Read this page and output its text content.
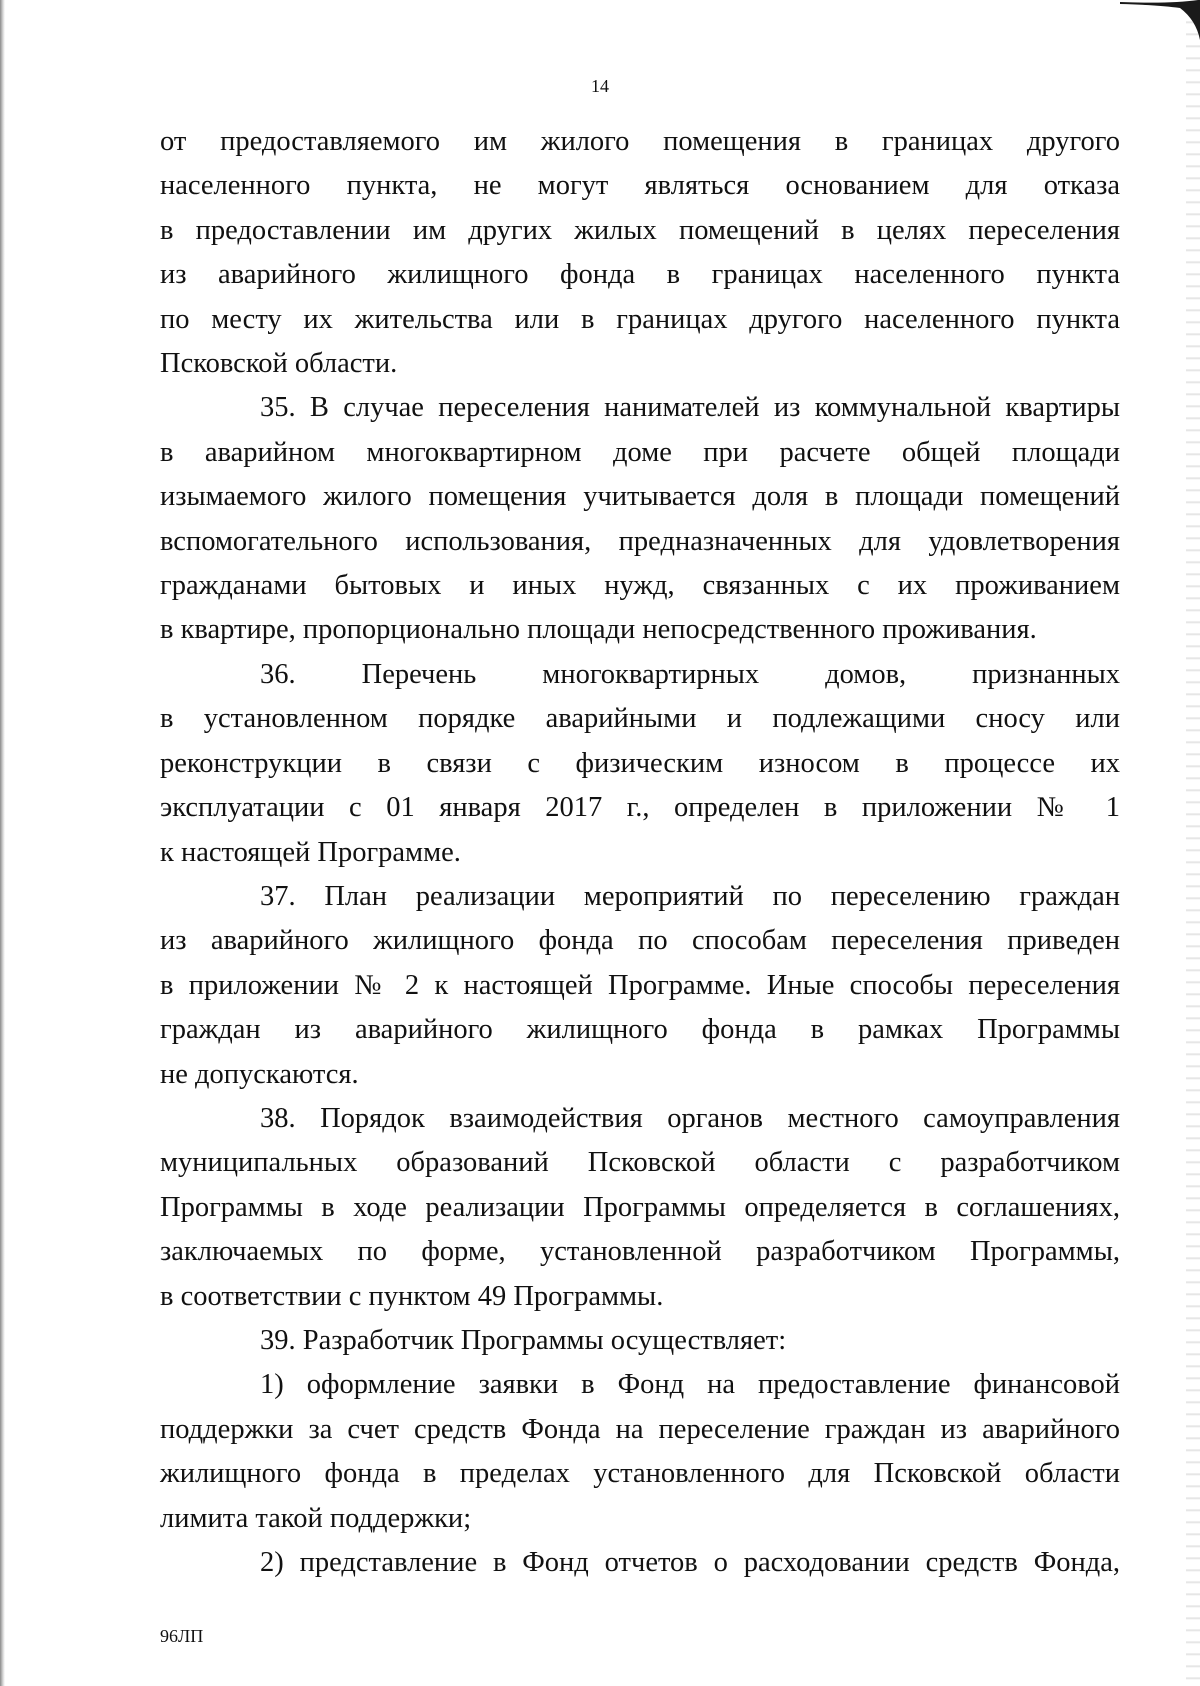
14
от предоставляемого им жилого помещения в границах другого
населенного пункта, не могут являться основанием для отказа
в предоставлении им других жилых помещений в целях переселения
из аварийного жилищного фонда в границах населенного пункта
по месту их жительства или в границах другого населенного пункта
Псковской области.
35. В случае переселения нанимателей из коммунальной квартиры
в аварийном многоквартирном доме при расчете общей площади
изымаемого жилого помещения учитывается доля в площади помещений
вспомогательного использования, предназначенных для удовлетворения
гражданами бытовых и иных нужд, связанных с их проживанием
в квартире, пропорционально площади непосредственного проживания.
36. Перечень многоквартирных домов, признанных
в установленном порядке аварийными и подлежащими сносу или
реконструкции в связи с физическим износом в процессе их
эксплуатации с 01 января 2017 г., определен в приложении № 1
к настоящей Программе.
37. План реализации мероприятий по переселению граждан
из аварийного жилищного фонда по способам переселения приведен
в приложении № 2 к настоящей Программе. Иные способы переселения
граждан из аварийного жилищного фонда в рамках Программы
не допускаются.
38. Порядок взаимодействия органов местного самоуправления
муниципальных образований Псковской области с разработчиком
Программы в ходе реализации Программы определяется в соглашениях,
заключаемых по форме, установленной разработчиком Программы,
в соответствии с пунктом 49 Программы.
39. Разработчик Программы осуществляет:
1) оформление заявки в Фонд на предоставление финансовой
поддержки за счет средств Фонда на переселение граждан из аварийного
жилищного фонда в пределах установленного для Псковской области
лимита такой поддержки;
2) представление в Фонд отчетов о расходовании средств Фонда,
96ЛП
